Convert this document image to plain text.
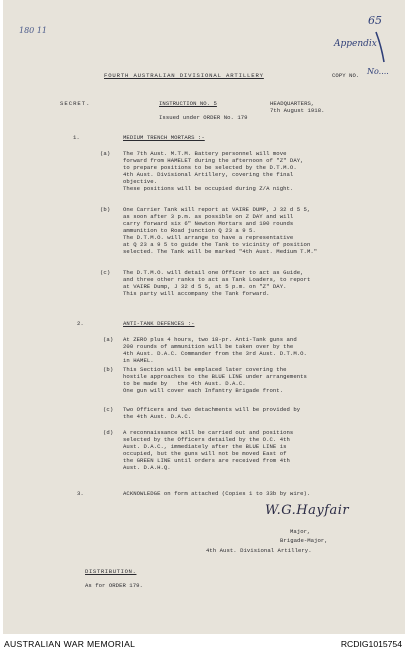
180 11
65
Appendix
FOURTH AUSTRALIAN DIVISIONAL ARTILLERY	COPY NO. No....
SECRET.	INSTRUCTION NO. 5	HEADQUARTERS,
7th August 1918.
Issued under ORDER No. 179
1.	MEDIUM TRENCH MORTARS :-
(a) The 7th Aust. M.T.M. Battery personnel will move
forward from HAMELET during the afternoon of "Z" DAY,
to prepare positions to be selected by the D.T.M.O.
4th Aust. Divisional Artillery, covering the final
objective.
These positions will be occupied during Z/A night.
(b) One Carrier Tank will report at VAIRE DUMP, J 32 d 5 5,
as soon after 3 p.m. as possible on Z DAY and will
carry forward six 6" Newton Mortars and 100 rounds
ammunition to Road junction Q 23 a 9 5.
The D.T.M.O. will arrange to have a representative
at Q 23 a 9 5 to guide the Tank to vicinity of position
selected. The Tank will be marked "4th Aust. Medium T.M."
(c) The D.T.M.O. will detail one Officer to act as Guide,
and three other ranks to act as Tank Loaders, to report
at VAIRE Dump, J 32 d 5 5, at 5 p.m. on "Z" DAY.
This party will accompany the Tank forward.
2.	ANTI-TANK DEFENCES :-
(a) At ZERO plus 4 hours, two 18-pr. Anti-Tank guns and
200 rounds of ammunition will be taken over by the
4th Aust. D.A.C. Commander from the 3rd Aust. D.T.M.O.
in HAMEL.
(b) This Section will be emplaced later covering the
hostile approaches to the BLUE LINE under arrangements
to be made by   the 4th Aust. D.A.C.
One gun will cover each Infantry Brigade front.
(c) Two Officers and two detachments will be provided by
the 4th Aust. D.A.C.
(d) A reconnaissance will be carried out and positions
selected by the Officers detailed by the O.C. 4th
Aust. D.A.C., immediately after the BLUE LINE is
occupied, but the guns will not be moved East of
the GREEN LINE until orders are received from 4th
Aust. D.A.H.Q.
3.	ACKNOWLEDGE on form attached (Copies 1 to 33b by wire).
W.G.Hayfair
Major,
Brigade-Major,
4th Aust. Divisional Artillery.
DISTRIBUTION.
As for ORDER 179.
AUSTRALIAN WAR MEMORIAL	RCDIG1015754
